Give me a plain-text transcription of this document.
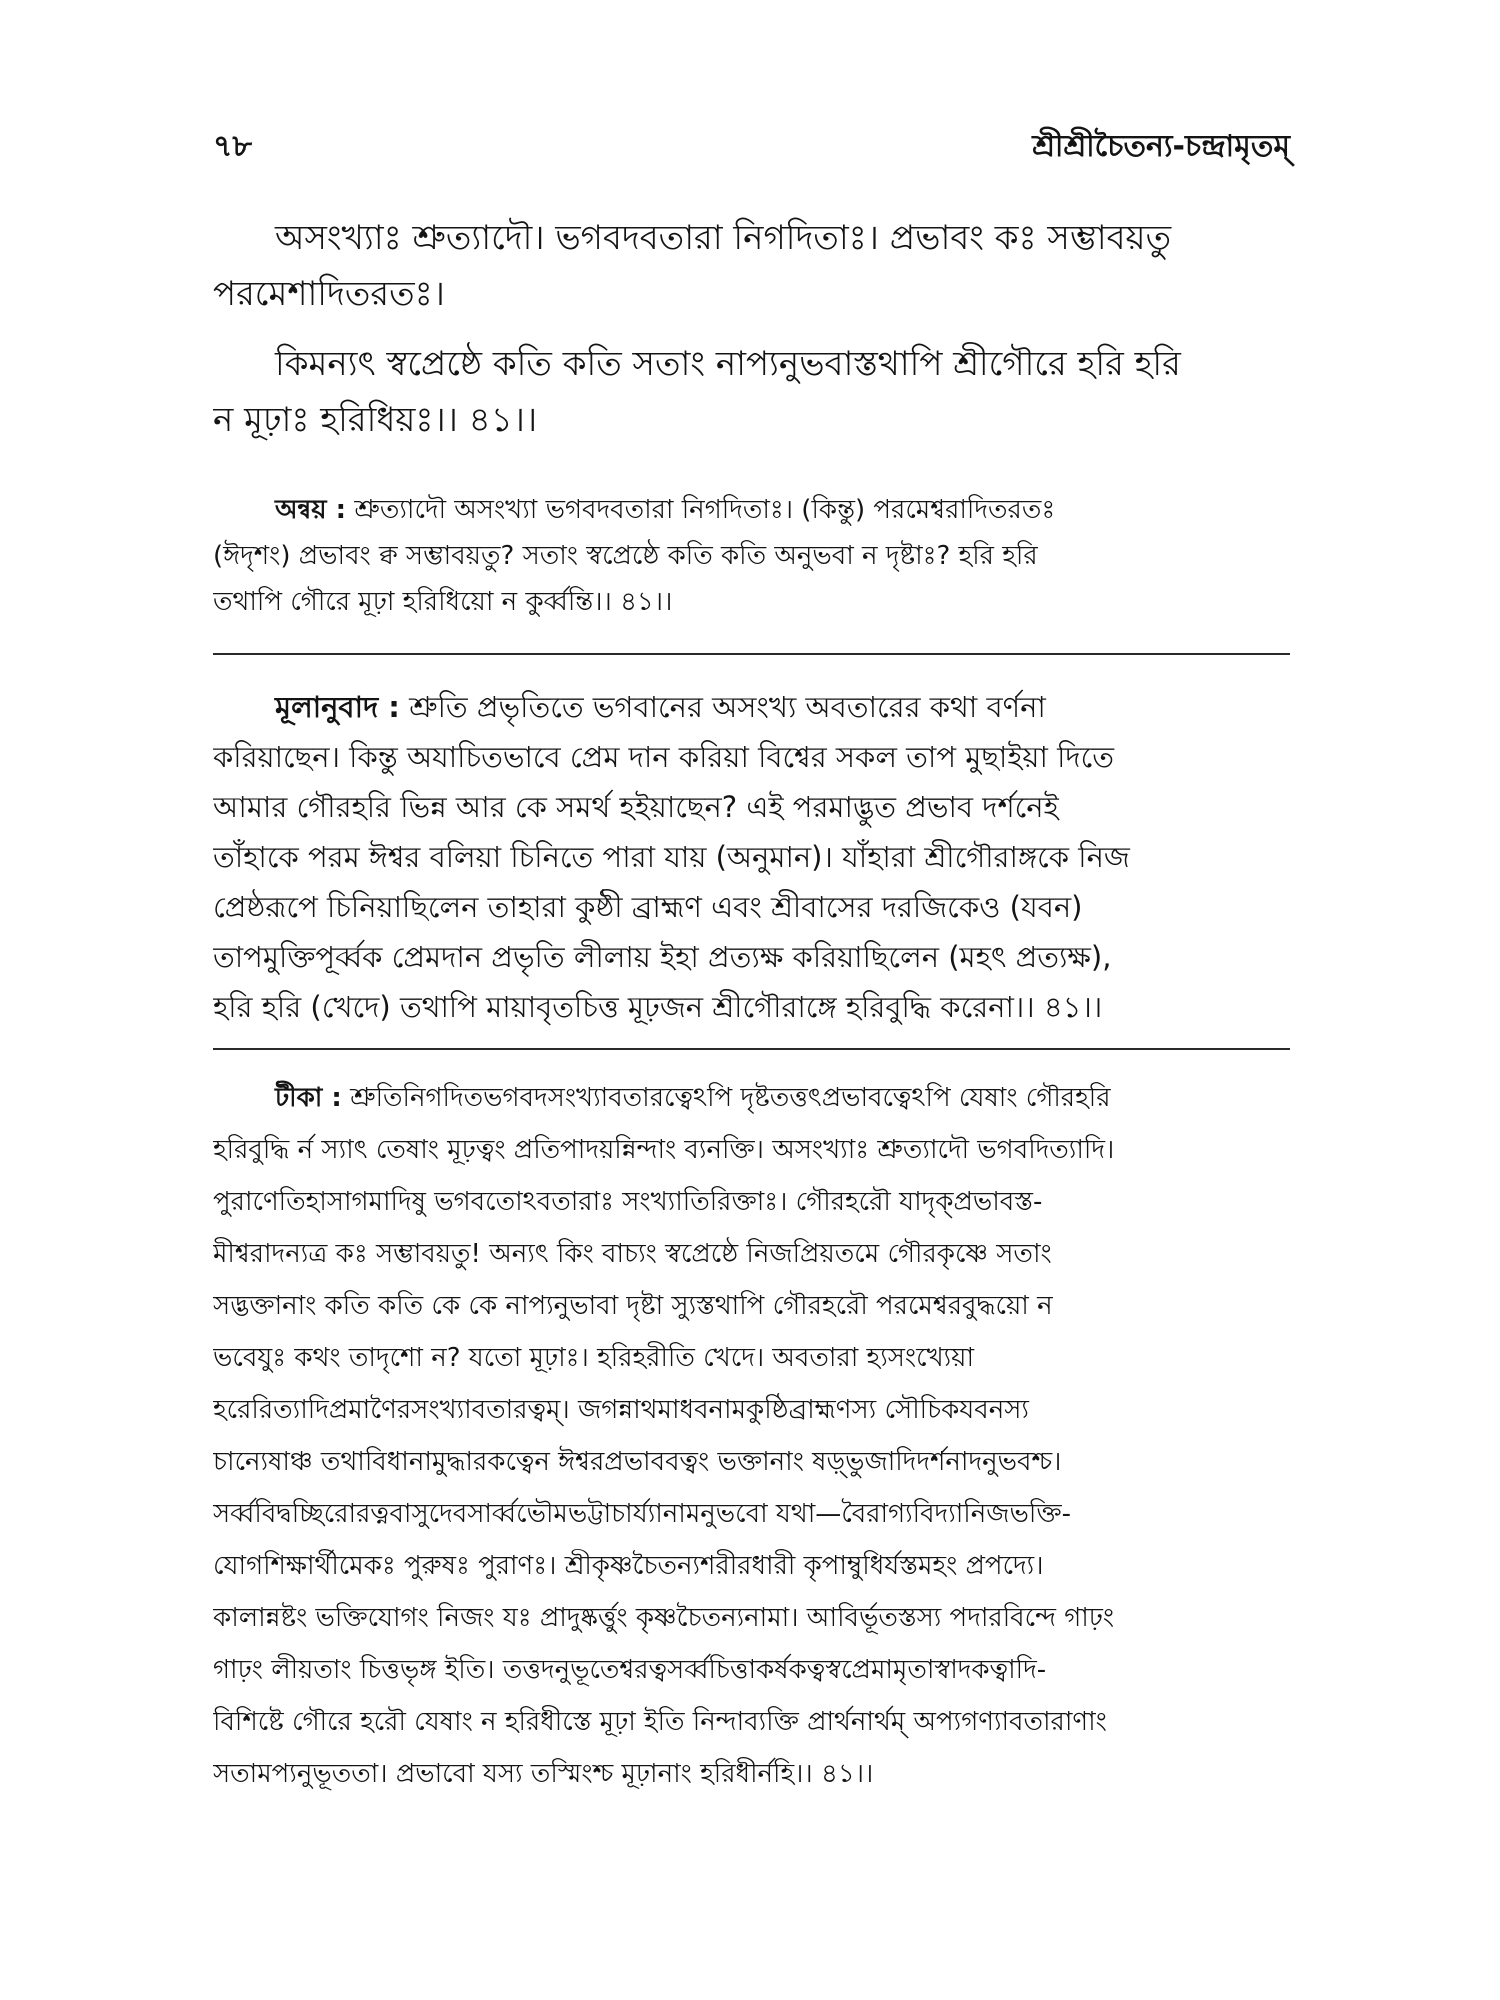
৭৮	শ্রীশ্রীচৈতন্য-চন্দ্রামৃতম্
অসংখ্যাঃ শ্রুত্যাদৌ। ভগবদবতারা নিগদিতাঃ। প্রভাবং কঃ সম্ভাবয়তু
পরমেশাদিতরতঃ।
কিমন্যৎ স্বপ্রেষ্ঠে কতি কতি সতাং নাপ্যনুভবাস্তথাপি শ্রীগৌরে হরি হরি
ন মূঢ়াঃ হরিধিয়ঃ।। ৪১।।
অন্বয় : শ্রুত্যাদৌ অসংখ্যা ভগবদবতারা নিগদিতাঃ। (কিন্তু) পরমেশ্বরাদিতরতঃ
(ঈদৃশং) প্রভাবং ক্ব সম্ভাবয়তু? সতাং স্বপ্রেষ্ঠে কতি কতি অনুভবা ন দৃষ্টাঃ? হরি হরি
তথাপি গৌরে মূঢ়া হরিধিয়ো ন কুর্ব্বন্তি।। ৪১।।
মূলানুবাদ : শ্রুতি প্রভৃতিতে ভগবানের অসংখ্য অবতারের কথা বর্ণনা
করিয়াছেন। কিন্তু অযাচিতভাবে প্রেম দান করিয়া বিশ্বের সকল তাপ মুছাইয়া দিতে
আমার গৌরহরি ভিন্ন আর কে সমর্থ হইয়াছেন? এই পরমাদ্ভুত প্রভাব দর্শনেই
তাঁহাকে পরম ঈশ্বর বলিয়া চিনিতে পারা যায় (অনুমান)। যাঁহারা শ্রীগৌরাঙ্গকে নিজ
প্রেষ্ঠরূপে চিনিয়াছিলেন তাহারা কুষ্ঠী ব্রাহ্মণ এবং শ্রীবাসের দরজিকেও (যবন)
তাপমুক্তিপূর্ব্বক প্রেমদান প্রভৃতি লীলায় ইহা প্রত্যক্ষ করিয়াছিলেন (মহৎ প্রত্যক্ষ),
হরি হরি (খেদে) তথাপি মায়াবৃতচিত্ত মূঢ়জন শ্রীগৌরাঙ্গে হরিবুদ্ধি করেনা।। ৪১।।
টীকা : শ্রুতিনিগদিতভগবদসংখ্যাবতারত্বেঽপি দৃষ্টতত্তৎপ্রভাবত্বেঽপি যেষাং গৌরহরি
হরিবুদ্ধি র্ন স্যাৎ তেষাং মূঢ়ত্বং প্রতিপাদয়ন্নিন্দাং ব্যনক্তি। অসংখ্যাঃ শ্রুত্যাদৌ ভগবদিত্যাদি।
পুরাণেতিহাসাগমাদিষু ভগবতোঽবতারাঃ সংখ্যাতিরিক্তাঃ। গৌরহরৌ যাদৃক্প্রভাবস্ত-
মীশ্বরাদন্যত্র কঃ সম্ভাবয়তু! অন্যৎ কিং বাচ্যং স্বপ্রেষ্ঠে নিজপ্রিয়তমে গৌরকৃষ্ণে সতাং
সদ্ভক্তানাং কতি কতি কে কে নাপ্যনুভাবা দৃষ্টা স্যুস্তথাপি গৌরহরৌ পরমেশ্বরবুদ্ধয়ো ন
ভবেযুঃ কথং তাদৃশো ন? যতো মূঢ়াঃ। হরিহরীতি খেদে। অবতারা হ্যসংখ্যেয়া
হরেরিত্যাদিপ্রমাণৈরসংখ্যাবতারত্বম্। জগন্নাথমাধবনামকুষ্ঠিব্রাহ্মণস্য সৌচিকযবনস্য
চান্যেষাঞ্চ তথাবিধানামুদ্ধারকত্বেন ঈশ্বরপ্রভাববত্বং ভক্তানাং ষড়্ভুজাদিদর্শনাদনুভবশ্চ।
সর্ব্ববিদ্বচ্ছিরোরত্নবাসুদেবসার্ব্বভৌমভট্টাচার্য্যানামনুভবো যথা—বৈরাগ্যবিদ্যানিজভক্তি-
যোগশিক্ষার্থীমেকঃ পুরুষঃ পুরাণঃ। শ্রীকৃষ্ণচৈতন্যশরীরধারী কৃপাম্বুধির্যস্তমহং প্রপদ্যে।
কালান্নষ্টং ভক্তিযোগং নিজং যঃ প্রাদুষ্কর্ত্তুং কৃষ্ণচৈতন্যনামা। আবির্ভূতস্তস্য পদারবিন্দে গাঢ়ং
গাঢ়ং লীয়তাং চিত্তভৃঙ্গ ইতি। তত্তদনুভূতেশ্বরত্বসর্ব্বচিত্তাকর্ষকত্বস্বপ্রেমামৃতাস্বাদকত্বাদি-
বিশিষ্টে গৌরে হরৌ যেষাং ন হরিধীস্তে মূঢ়া ইতি নিন্দাব্যক্তি প্রার্থনার্থম্ অপ্যগণ্যাবতারাণাং
সতামপ্যনুভূততা। প্রভাবো যস্য তস্মিংশ্চ মূঢ়ানাং হরিধীর্নহি।। ৪১।।
